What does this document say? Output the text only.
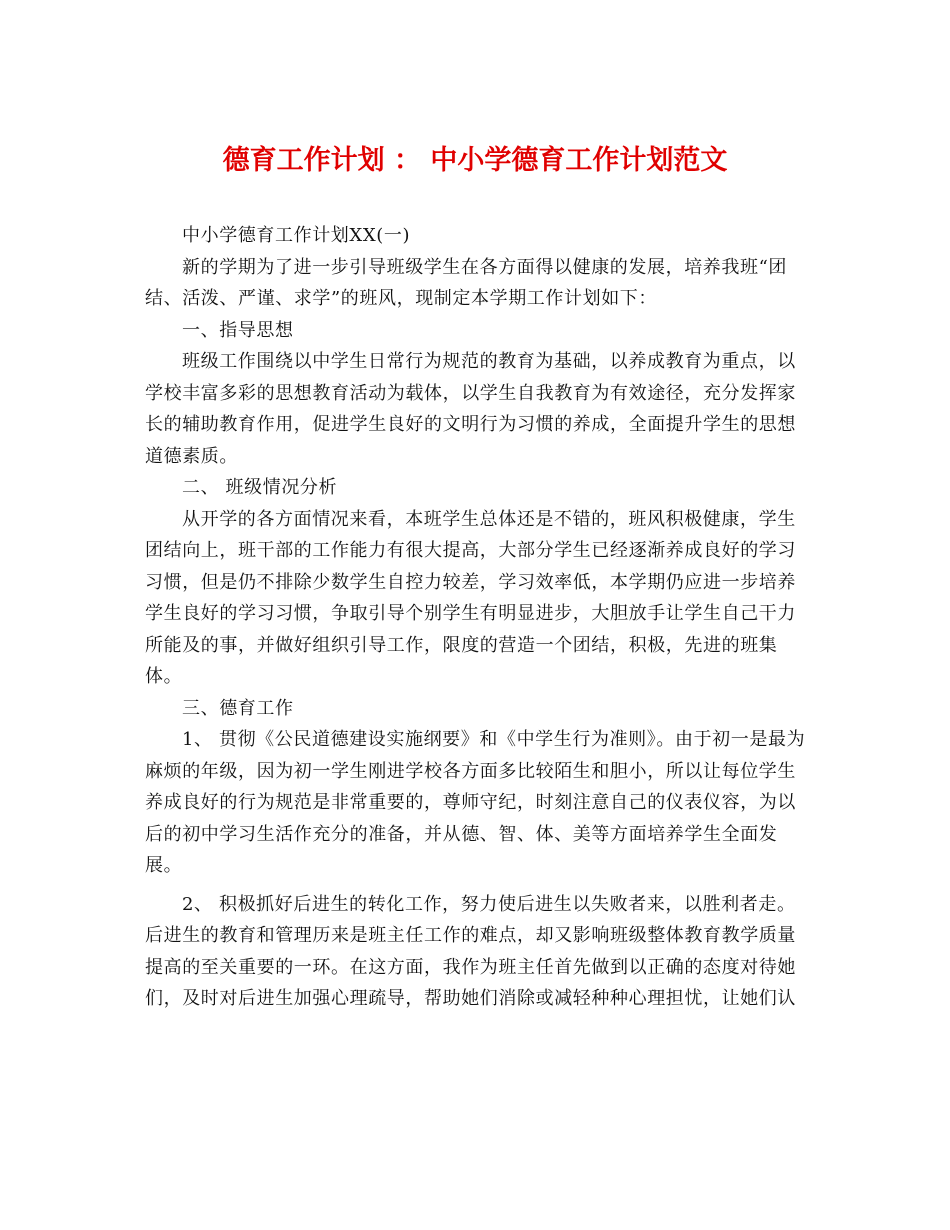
德育工作计划 ： 中小学德育工作计划范文

中小学德育工作计划XX(一)

新的学期为了进一步引导班级学生在各方面得以健康的发展，培养我班“团结、活泼、严谨、求学”的班风，现制定本学期工作计划如下：

一、指导思想

班级工作围绕以中学生日常行为规范的教育为基础，以养成教育为重点，以学校丰富多彩的思想教育活动为载体，以学生自我教育为有效途径，充分发挥家长的辅助教育作用，促进学生良好的文明行为习惯的养成，全面提升学生的思想道德素质。

二、 班级情况分析

从开学的各方面情况来看，本班学生总体还是不错的，班风积极健康，学生团结向上，班干部的工作能力有很大提高，大部分学生已经逐渐养成良好的学习习惯，但是仍不排除少数学生自控力较差，学习效率低，本学期仍应进一步培养学生良好的学习习惯，争取引导个别学生有明显进步，大胆放手让学生自己干力所能及的事，并做好组织引导工作，限度的营造一个团结，积极，先进的班集体。

三、德育工作

1、 贯彻《公民道德建设实施纲要》和《中学生行为准则》。由于初一是最为麻烦的年级，因为初一学生刚进学校各方面多比较陌生和胆小，所以让每位学生养成良好的行为规范是非常重要的，尊师守纪，时刻注意自己的仪表仪容，为以后的初中学习生活作充分的准备，并从德、智、体、美等方面培养学生全面发展。

2、 积极抓好后进生的转化工作，努力使后进生以失败者来，以胜利者走。后进生的教育和管理历来是班主任工作的难点，却又影响班级整体教育教学质量提高的至关重要的一环。在这方面，我作为班主任首先做到以正确的态度对待她们，及时对后进生加强心理疏导，帮助她们消除或减轻种种心理担忧，让她们认
